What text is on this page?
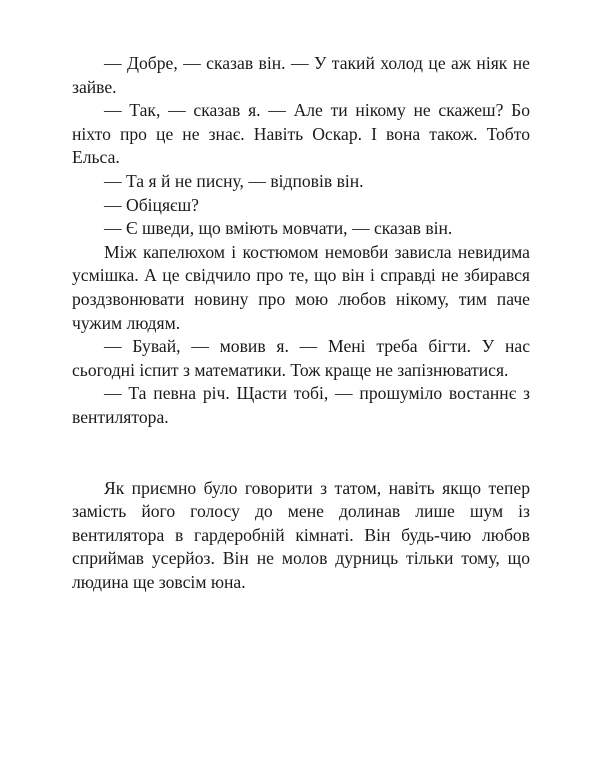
— Добре, — сказав він. — У такий холод це аж ніяк не зайве.

— Так, — сказав я. — Але ти нікому не скажеш? Бо ніхто про це не знає. Навіть Оскар. І вона також. Тобто Ельса.

— Та я й не писну, — відповів він.

— Обіцяєш?

— Є шведи, що вміють мовчати, — сказав він.

Між капелюхом і костюмом немовби зависла невидима усмішка. А це свідчило про те, що він і справді не збирався роздзвонювати новину про мою любов нікому, тим паче чужим людям.

— Бувай, — мовив я. — Мені треба бігти. У нас сьогодні іспит з математики. Тож краще не запізнюватися.

— Та певна річ. Щасти тобі, — прошуміло востаннє з вентилятора.

Як приємно було говорити з татом, навіть якщо тепер замість його голосу до мене долинав лише шум із вентилятора в гардеробній кімнаті. Він будь-чию любов сприймав усерйоз. Він не молов дурниць тільки тому, що людина ще зовсім юна.
